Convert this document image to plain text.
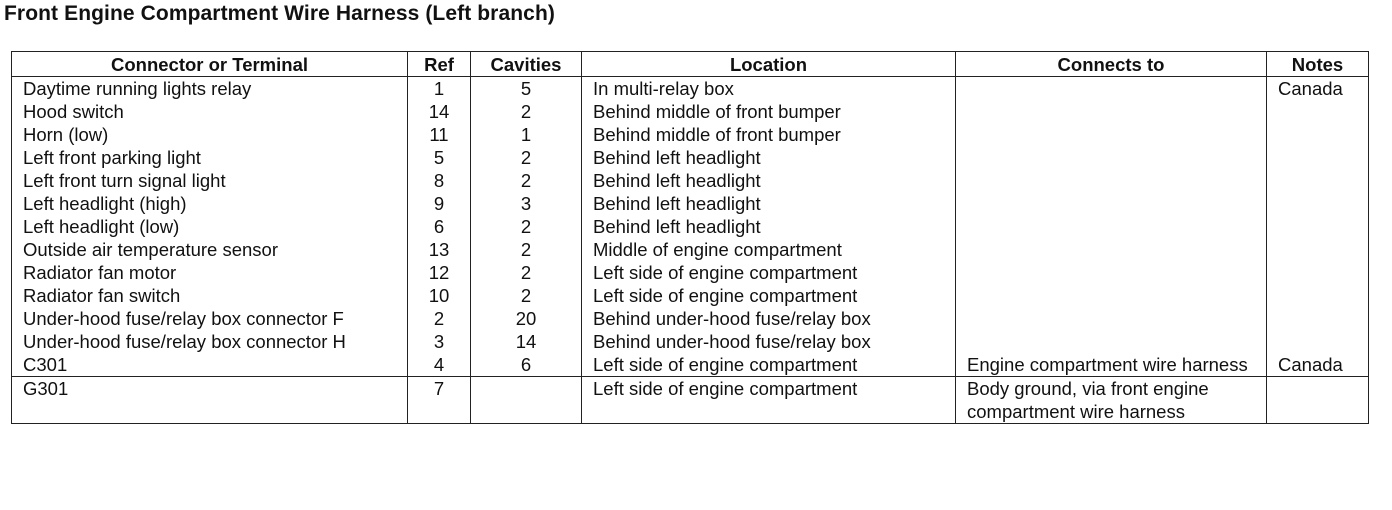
Front Engine Compartment Wire Harness (Left branch)
Connector or Terminal	Ref	Cavities	Location	Connects to	Notes
Daytime running lights relay	1	5	In multi-relay box		Canada
Hood switch	14	2	Behind middle of front bumper		
Horn (low)	11	1	Behind middle of front bumper		
Left front parking light	5	2	Behind left headlight		
Left front turn signal light	8	2	Behind left headlight		
Left headlight (high)	9	3	Behind left headlight		
Left headlight (low)	6	2	Behind left headlight		
Outside air temperature sensor	13	2	Middle of engine compartment		
Radiator fan motor	12	2	Left side of engine compartment		
Radiator fan switch	10	2	Left side of engine compartment		
Under-hood fuse/relay box connector F	2	20	Behind under-hood fuse/relay box		
Under-hood fuse/relay box connector H	3	14	Behind under-hood fuse/relay box		
C301	4	6	Left side of engine compartment	Engine compartment wire harness	Canada
G301	7		Left side of engine compartment	Body ground, via front engine compartment wire harness	
